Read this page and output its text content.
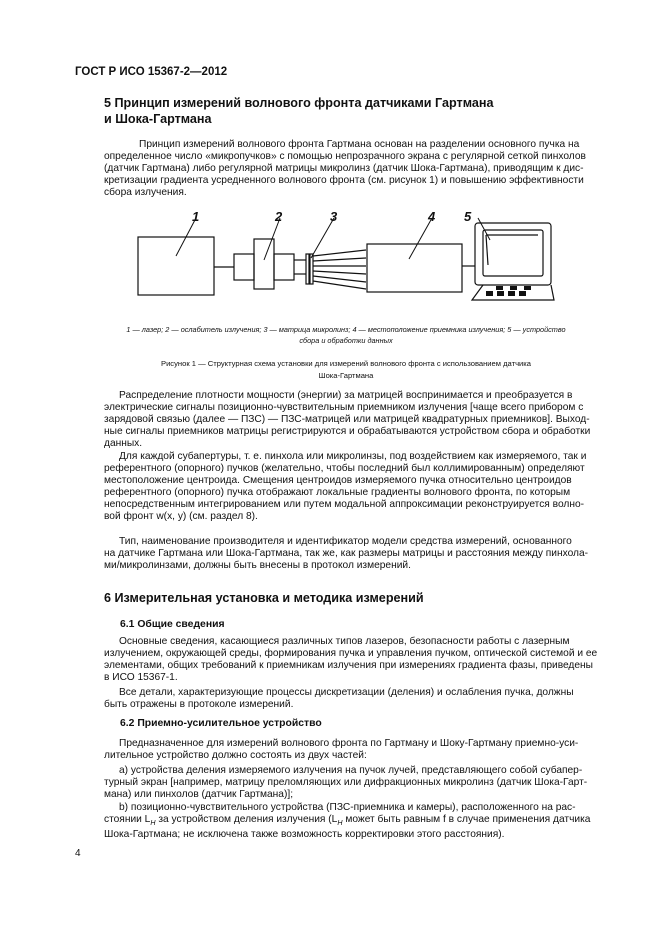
ГОСТ Р ИСО 15367-2—2012
5 Принцип измерений волнового фронта датчиками Гартмана
и Шока-Гартмана
Принцип измерений волнового фронта Гартмана основан на разделении основного пучка на
определенное число «микропучков» с помощью непрозрачного экрана с регулярной сеткой пинхолов
(датчик Гартмана) либо регулярной матрицы микролинз (датчик Шока-Гартмана), приводящим к дис-
кретизации градиента усредненного волнового фронта (см. рисунок 1) и повышению эффективности
сбора излучения.
1	2	3	4 5
1 — лазер; 2 — ослабитель излучения; 3 — матрица микролинз; 4 — местоположение приемника излучения; 5 — устройство
сбора и обработки данных
Рисунок 1 — Структурная схема установки для измерений волнового фронта с использованием датчика
Шока-Гартмана
Распределение плотности мощности (энергии) за матрицей воспринимается и преобразуется в
электрические сигналы позиционно-чувствительным приемником излучения [чаще всего прибором с
зарядовой связью (далее — ПЗС) — ПЗС-матрицей или матрицей квадратурных приемников]. Выход-
ные сигналы приемников матрицы регистрируются и обрабатываются устройством сбора и обработки
данных.
Для каждой субапертуры, т. е. пинхола или микролинзы, под воздействием как измеряемого, так и
референтного (опорного) пучков (желательно, чтобы последний был коллимированным) определяют
местоположение центроида. Смещения центроидов измеряемого пучка относительно центроидов
референтного (опорного) пучка отображают локальные градиенты волнового фронта, по которым
непосредственным интегрированием или путем модальной аппроксимации реконструируется волно-
вой фронт w(x, y) (см. раздел 8).
Тип, наименование производителя и идентификатор модели средства измерений, основанного
на датчике Гартмана или Шока-Гартмана, так же, как размеры матрицы и расстояния между пинхола-
ми/микролинзами, должны быть внесены в протокол измерений.
6 Измерительная установка и методика измерений
6.1 Общие сведения
Основные сведения, касающиеся различных типов лазеров, безопасности работы с лазерным
излучением, окружающей среды, формирования пучка и управления пучком, оптической системой и ее
элементами, общих требований к приемникам излучения при измерениях градиента фазы, приведены
в ИСО 15367-1.
Все детали, характеризующие процессы дискретизации (деления) и ослабления пучка, должны
быть отражены в протоколе измерений.
6.2 Приемно-усилительное устройство
Предназначенное для измерений волнового фронта по Гартману и Шоку-Гартману приемно-уси-
лительное устройство должно состоять из двух частей:
a) устройства деления измеряемого излучения на пучок лучей, представляющего собой субапер-
турный экран [например, матрицу преломляющих или дифракционных микролинз (датчик Шока-Гарт-
мана) или пинхолов (датчик Гартмана)];
b) позиционно-чувствительного устройства (ПЗС-приемника и камеры), расположенного на рас-
стоянии $L_H$ за устройством деления излучения ($L_H$ может быть равным f в случае применения датчика
Шока-Гартмана; не исключена также возможность корректировки этого расстояния).
4
